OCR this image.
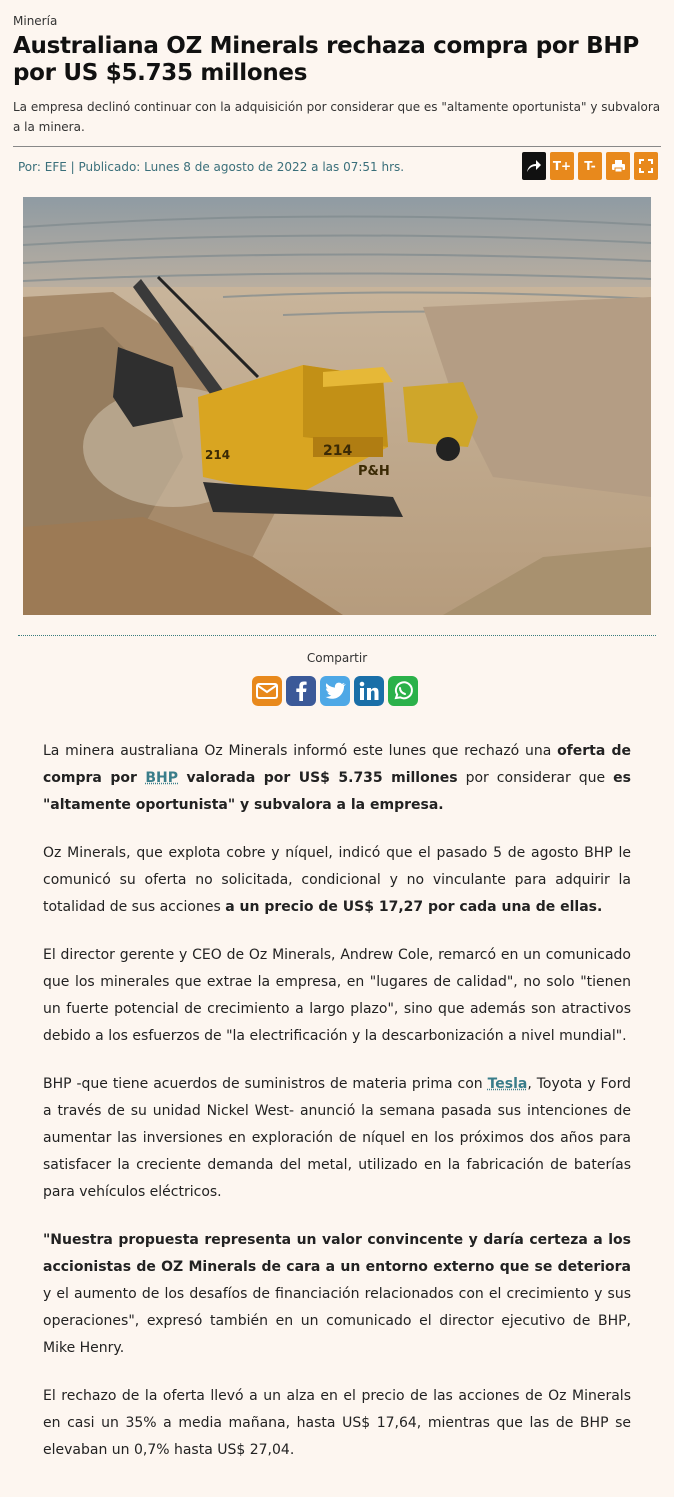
Minería
Australiana OZ Minerals rechaza compra por BHP por US $5.735 millones
La empresa declinó continuar con la adquisición por considerar que es "altamente oportunista" y subvalora a la minera.
Por: EFE | Publicado: Lunes 8 de agosto de 2022 a las 07:51 hrs.	T+	T-
214
214
P&H
Compartir

La minera australiana Oz Minerals informó este lunes que rechazó una oferta de compra por BHP valorada por US$ 5.735 millones por considerar que es "altamente oportunista" y subvalora a la empresa.

Oz Minerals, que explota cobre y níquel, indicó que el pasado 5 de agosto BHP le comunicó su oferta no solicitada, condicional y no vinculante para adquirir la totalidad de sus acciones a un precio de US$ 17,27 por cada una de ellas.

El director gerente y CEO de Oz Minerals, Andrew Cole, remarcó en un comunicado que los minerales que extrae la empresa, en "lugares de calidad", no solo "tienen un fuerte potencial de crecimiento a largo plazo", sino que además son atractivos debido a los esfuerzos de "la electrificación y la descarbonización a nivel mundial".

BHP -que tiene acuerdos de suministros de materia prima con Tesla, Toyota y Ford a través de su unidad Nickel West- anunció la semana pasada sus intenciones de aumentar las inversiones en exploración de níquel en los próximos dos años para satisfacer la creciente demanda del metal, utilizado en la fabricación de baterías para vehículos eléctricos.

"Nuestra propuesta representa un valor convincente y daría certeza a los accionistas de OZ Minerals de cara a un entorno externo que se deteriora y el aumento de los desafíos de financiación relacionados con el crecimiento y sus operaciones", expresó también en un comunicado el director ejecutivo de BHP, Mike Henry.

El rechazo de la oferta llevó a un alza en el precio de las acciones de Oz Minerals en casi un 35% a media mañana, hasta US$ 17,64, mientras que las de BHP se elevaban un 0,7% hasta US$ 27,04.
